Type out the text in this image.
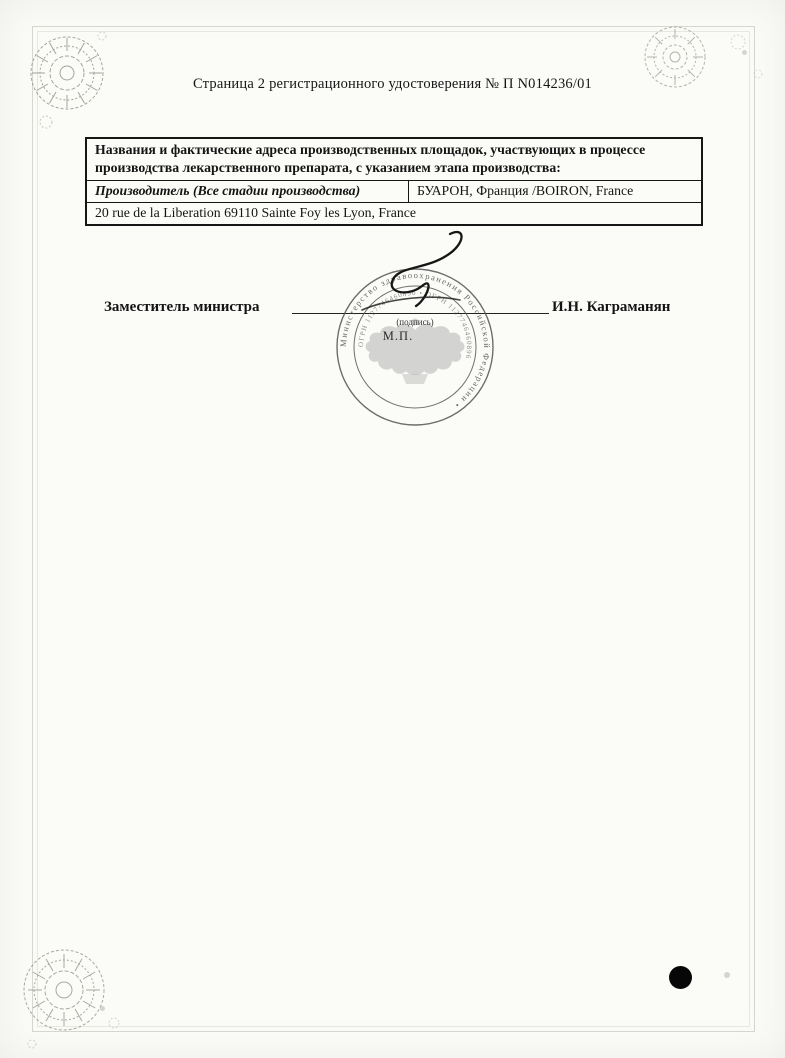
Страница 2 регистрационного удостоверения № П N014236/01
Названия и фактические адреса производственных площадок, участвующих в процессе производства лекарственного препарата, с указанием этапа производства:
Производитель (Все стадии производства)	БУАРОН, Франция /BOIRON, France
20 rue de la Liberation 69110 Sainte Foy les Lyon, France
Заместитель министра	И.Н. Каграманян
Министерство здравоохранения Российской Федерации •
ОГРН 1127746460896 • ОГРН 1127746460896
(подпись)
М.П.
